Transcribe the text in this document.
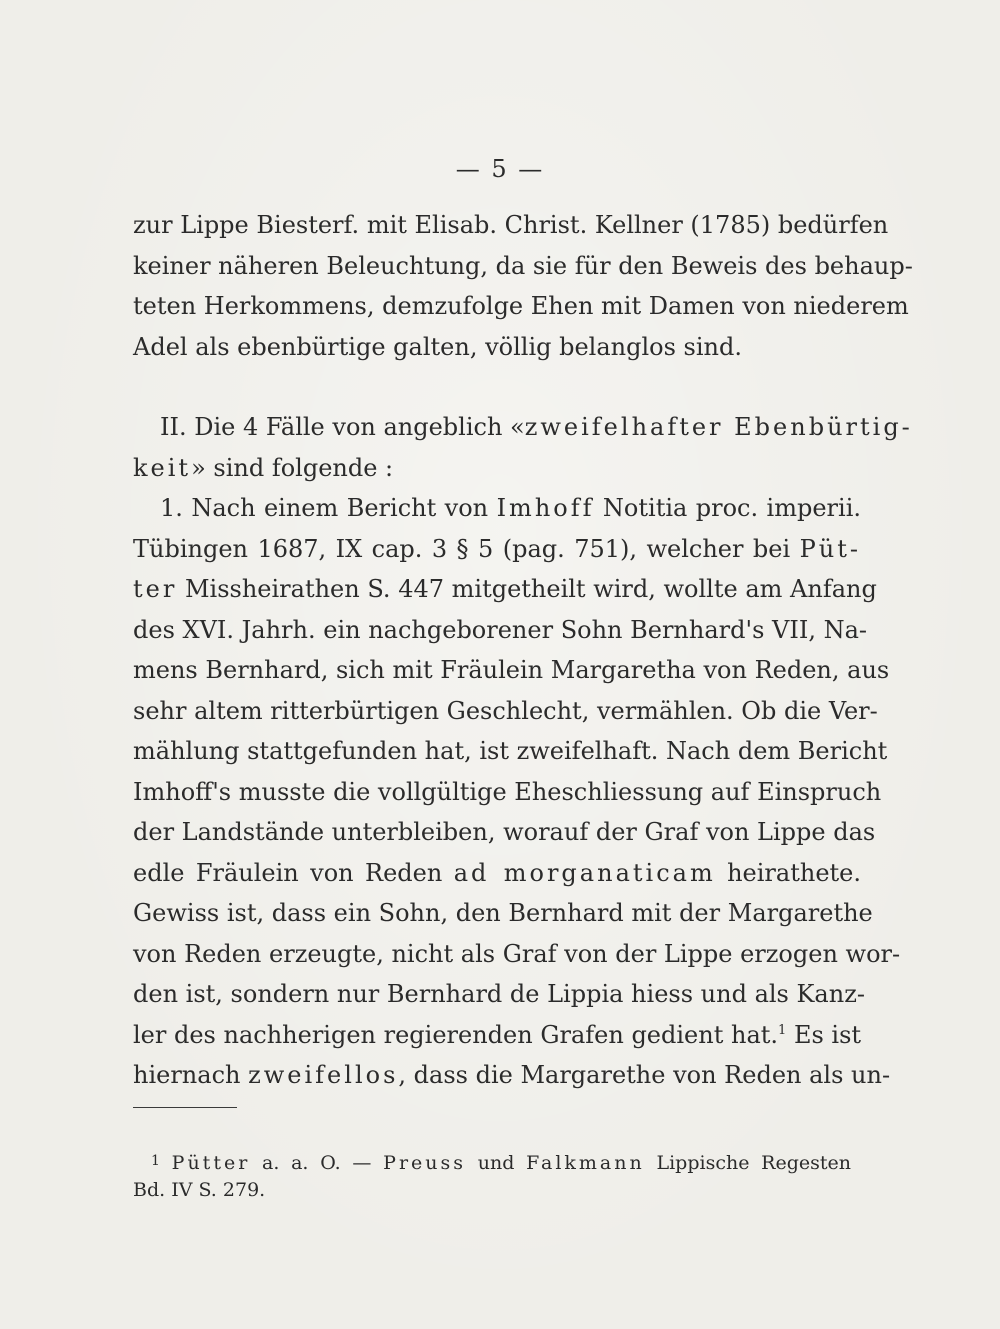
— 5 —
zur Lippe Biesterf. mit Elisab. Christ. Kellner (1785) bedürfen
keiner näheren Beleuchtung, da sie für den Beweis des behaup-
teten Herkommens, demzufolge Ehen mit Damen von niederem
Adel als ebenbürtige galten, völlig belanglos sind.
II. Die 4 Fälle von angeblich «zweifelhafter Ebenbürtig-
keit» sind folgende :
1. Nach einem Bericht von Imhoff Notitia proc. imperii.
Tübingen 1687, IX cap. 3 § 5 (pag. 751), welcher bei Püt-
ter Missheirathen S. 447 mitgetheilt wird, wollte am Anfang
des XVI. Jahrh. ein nachgeborener Sohn Bernhard's VII, Na-
mens Bernhard, sich mit Fräulein Margaretha von Reden, aus
sehr altem ritterbürtigen Geschlecht, vermählen. Ob die Ver-
mählung stattgefunden hat, ist zweifelhaft. Nach dem Bericht
Imhoff's musste die vollgültige Eheschliessung auf Einspruch
der Landstände unterbleiben, worauf der Graf von Lippe das
edle Fräulein von Reden ad morganaticam heirathete.
Gewiss ist, dass ein Sohn, den Bernhard mit der Margarethe
von Reden erzeugte, nicht als Graf von der Lippe erzogen wor-
den ist, sondern nur Bernhard de Lippia hiess und als Kanz-
ler des nachherigen regierenden Grafen gedient hat.$^1$ Es ist
hiernach zweifellos, dass die Margarethe von Reden als un-
$^1$ Pütter a. a. O. — Preuss und Falkmann Lippische Regesten
Bd. IV S. 279.
